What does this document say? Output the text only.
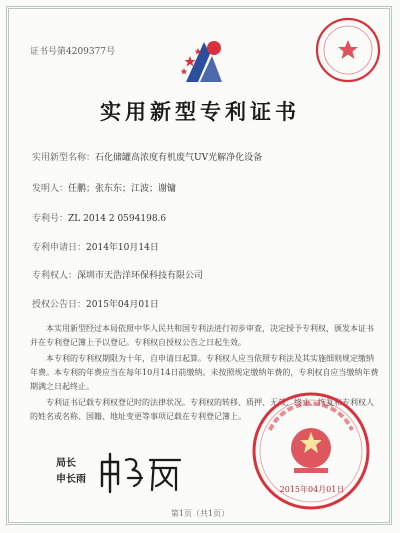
证书号第4209377号
实用新型专利证书
实用新型名称：石化储罐高浓度有机废气UV光解净化设备
发明人：任鹏；张东东；江波；谢镛
专利号：ZL 2014 2 0594198.6
专利申请日：2014年10月14日
专利权人：深圳市天浩洋环保科技有限公司
授权公告日：2015年04月01日
本实用新型经过本局依照中华人民共和国专利法进行初步审查，决定授予专利权，颁发本证书并在专利登记簿上予以登记。专利权自授权公告之日起生效。
本专利的专利权期限为十年，自申请日起算。专利权人应当依照专利法及其实施细则规定缴纳年费。本专利的年费应当在每年10月14日前缴纳。未按照规定缴纳年费的，专利权自应当缴纳年费期满之日起终止。
专利证书记载专利权登记时的法律状况。专利权的转移、质押、无效、终止、恢复和专利权人的姓名或名称、国籍、地址变更等事项记载在专利登记簿上。
局长
申长雨
2015年04月01日
第1页（共1页）
